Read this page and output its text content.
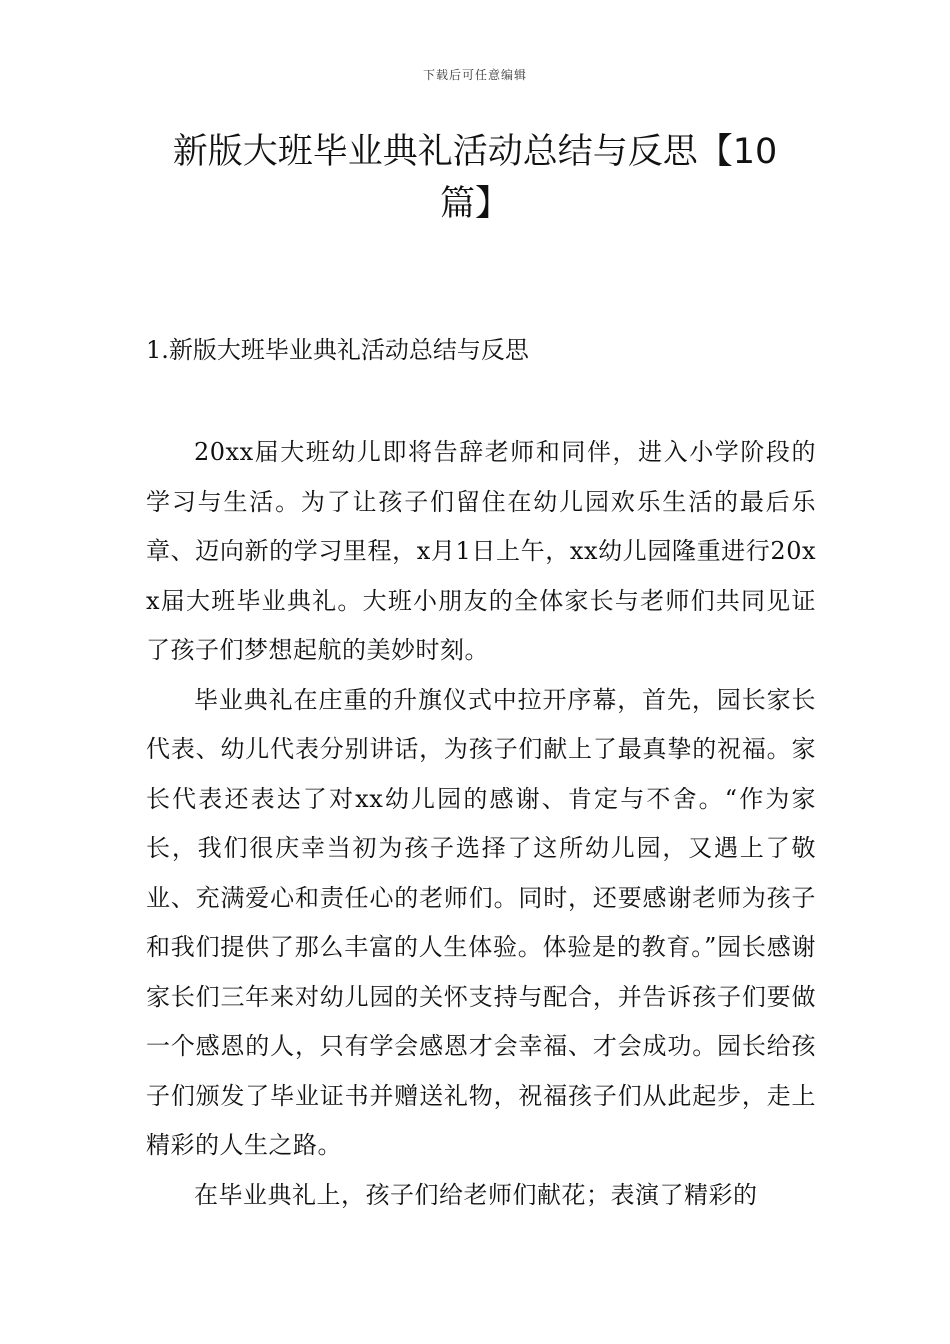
下载后可任意编辑
新版大班毕业典礼活动总结与反思【10篇】
1.新版大班毕业典礼活动总结与反思

20xx届大班幼儿即将告辞老师和同伴，进入小学阶段的学习与生活。为了让孩子们留住在幼儿园欢乐生活的最后乐章、迈向新的学习里程，x月1日上午，xx幼儿园隆重进行20xx届大班毕业典礼。大班小朋友的全体家长与老师们共同见证了孩子们梦想起航的美妙时刻。

毕业典礼在庄重的升旗仪式中拉开序幕，首先，园长家长代表、幼儿代表分别讲话，为孩子们献上了最真挚的祝福。家长代表还表达了对xx幼儿园的感谢、肯定与不舍。“作为家长，我们很庆幸当初为孩子选择了这所幼儿园，又遇上了敬业、充满爱心和责任心的老师们。同时，还要感谢老师为孩子和我们提供了那么丰富的人生体验。体验是的教育。”园长感谢家长们三年来对幼儿园的关怀支持与配合，并告诉孩子们要做一个感恩的人，只有学会感恩才会幸福、才会成功。园长给孩子们颁发了毕业证书并赠送礼物，祝福孩子们从此起步，走上精彩的人生之路。

在毕业典礼上，孩子们给老师们献花；表演了精彩的
